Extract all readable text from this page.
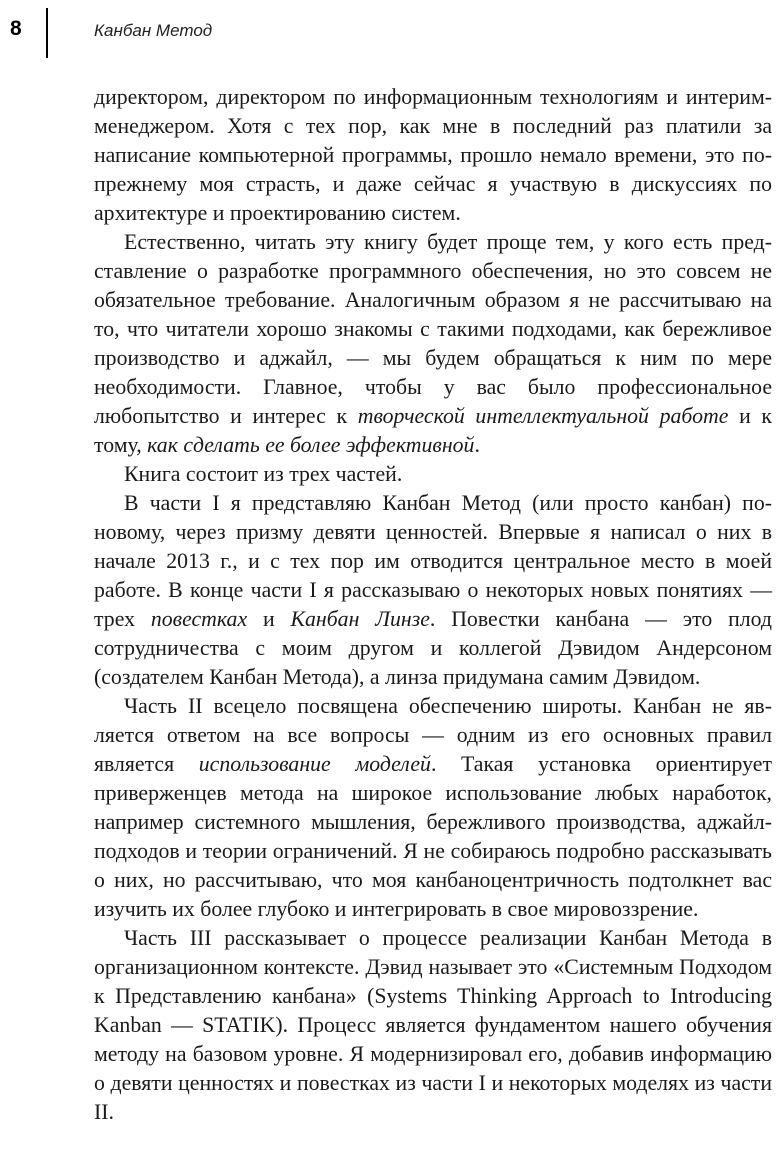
8	Канбан Метод

директором, директором по информационным технологиям и интерим-менеджером. Хотя с тех пор, как мне в последний раз платили за написание компьютерной программы, прошло немало времени, это по-прежнему моя страсть, и даже сейчас я участвую в дискуссиях по архитектуре и проектированию систем.

Естественно, читать эту книгу будет проще тем, у кого есть представление о разработке программного обеспечения, но это совсем не обязательное требование. Аналогичным образом я не рассчитываю на то, что читатели хорошо знакомы с такими подходами, как бережливое производство и аджайл, — мы будем обращаться к ним по мере необходимости. Главное, чтобы у вас было профессиональное любопытство и интерес к творческой интеллектуальной работе и к тому, как сделать ее более эффективной.

Книга состоит из трех частей.

В части I я представляю Канбан Метод (или просто канбан) поновому, через призму девяти ценностей. Впервые я написал о них в начале 2013 г., и с тех пор им отводится центральное место в моей работе. В конце части I я рассказываю о некоторых новых понятиях — трех повестках и Канбан Линзе. Повестки канбана — это плод сотрудничества с моим другом и коллегой Дэвидом Андерсоном (создателем Канбан Метода), а линза придумана самим Дэвидом.

Часть II всецело посвящена обеспечению широты. Канбан не является ответом на все вопросы — одним из его основных правил является использование моделей. Такая установка ориентирует приверженцев метода на широкое использование любых наработок, например системного мышления, бережливого производства, аджайл-подходов и теории ограничений. Я не собираюсь подробно рассказывать о них, но рассчитываю, что моя канбаноцентричность подтолкнет вас изучить их более глубоко и интегрировать в свое мировоззрение.

Часть III рассказывает о процессе реализации Канбан Метода в организационном контексте. Дэвид называет это «Системным Подходом к Представлению канбана» (Systems Thinking Approach to Introducing Kanban — STATIK). Процесс является фундаментом нашего обучения методу на базовом уровне. Я модернизировал его, добавив информацию о девяти ценностях и повестках из части I и некоторых моделях из части II.
